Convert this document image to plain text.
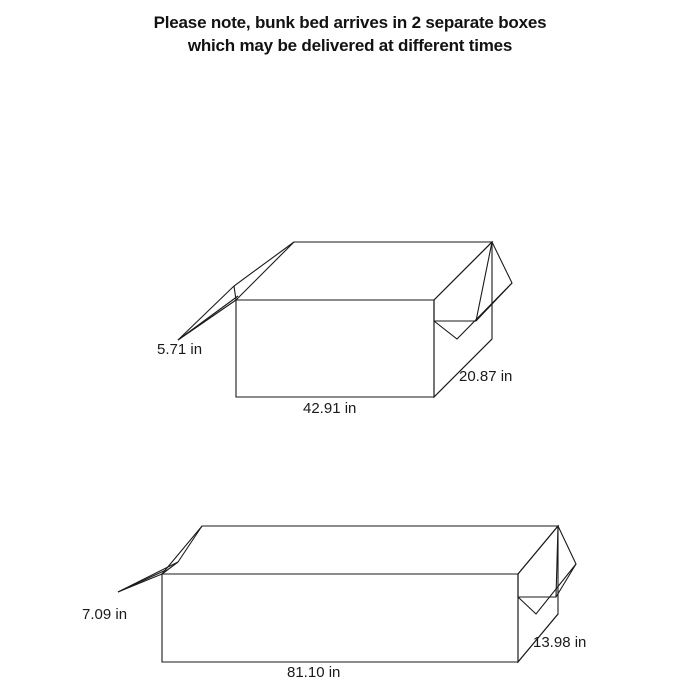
Please note, bunk bed arrives in 2 separate boxes
which may be delivered at different times
5.71 in
42.91 in
20.87 in
7.09 in
81.10 in
13.98 in
